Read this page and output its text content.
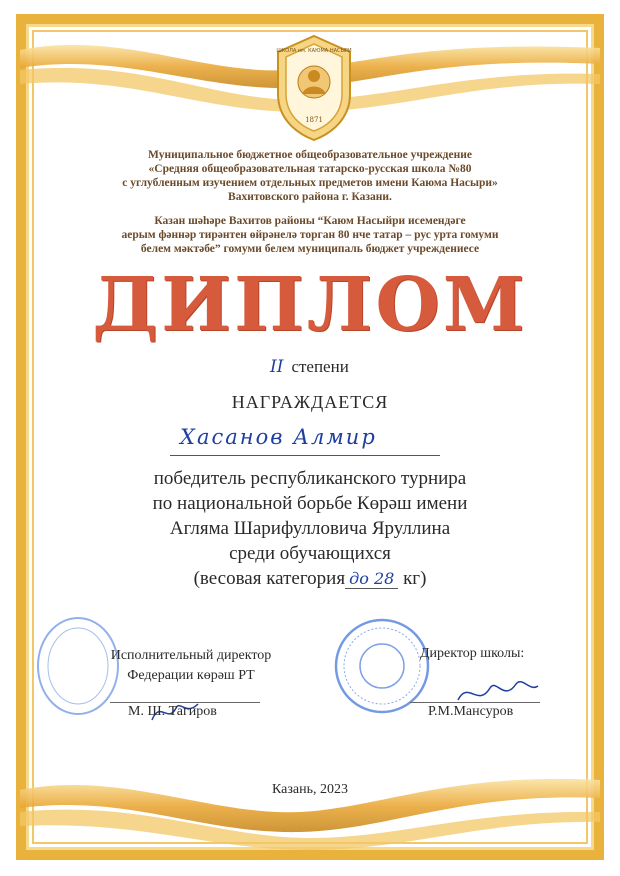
ШКОЛА им. КАЮМА НАСЫРИ
1871
Муниципальное бюджетное общеобразовательное учреждение
«Средняя общеобразовательная татарско-русская школа №80
с углубленным изучением отдельных предметов имени Каюма Насыри»
Вахитовского района г. Казани.
Казан шәһәре Вахитов районы “Каюм Насыйри исемендәге
аерым фәннәр тирәнтен өйрәнелә торган 80 нче татар – рус урта гомуми
белем мәктәбе” гомуми белем муниципаль бюджет учреждениесе
ДИПЛОМ
II степени
НАГРАЖДАЕТСЯ
Хасанов Алмир
победитель республиканского турнира
по национальной борьбе Көрәш имени
Агляма Шарифулловича Яруллина
среди обучающихся
(весовая категория до 28 кг)
Исполнительный директор
Федерации көрәш РТ
Директор школы:
М. Ш. Тагиров	Р.М.Мансуров
Казань, 2023
